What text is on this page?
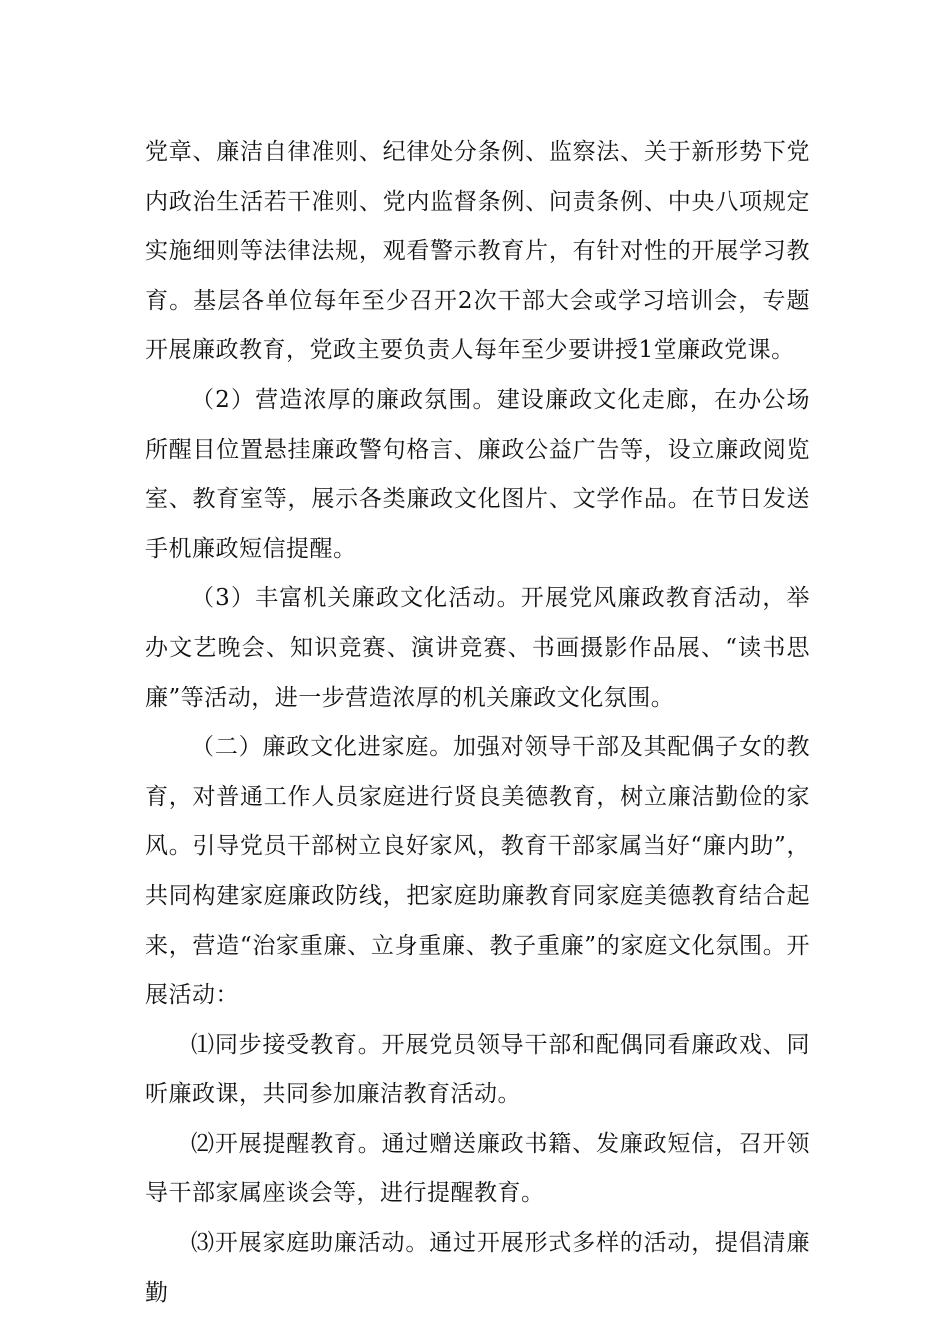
党章、廉洁自律准则、纪律处分条例、监察法、关于新形势下党内政治生活若干准则、党内监督条例、问责条例、中央八项规定实施细则等法律法规，观看警示教育片，有针对性的开展学习教育。基层各单位每年至少召开2次干部大会或学习培训会，专题开展廉政教育，党政主要负责人每年至少要讲授1堂廉政党课。

（2）营造浓厚的廉政氛围。建设廉政文化走廊，在办公场所醒目位置悬挂廉政警句格言、廉政公益广告等，设立廉政阅览室、教育室等，展示各类廉政文化图片、文学作品。在节日发送手机廉政短信提醒。

（3）丰富机关廉政文化活动。开展党风廉政教育活动，举办文艺晚会、知识竞赛、演讲竞赛、书画摄影作品展、“读书思廉”等活动，进一步营造浓厚的机关廉政文化氛围。

（二）廉政文化进家庭。加强对领导干部及其配偶子女的教育，对普通工作人员家庭进行贤良美德教育，树立廉洁勤俭的家风。引导党员干部树立良好家风，教育干部家属当好“廉内助”，共同构建家庭廉政防线，把家庭助廉教育同家庭美德教育结合起来，营造“治家重廉、立身重廉、教子重廉”的家庭文化氛围。开展活动：

⑴同步接受教育。开展党员领导干部和配偶同看廉政戏、同听廉政课，共同参加廉洁教育活动。

⑵开展提醒教育。通过赠送廉政书籍、发廉政短信，召开领导干部家属座谈会等，进行提醒教育。

⑶开展家庭助廉活动。通过开展形式多样的活动，提倡清廉勤
